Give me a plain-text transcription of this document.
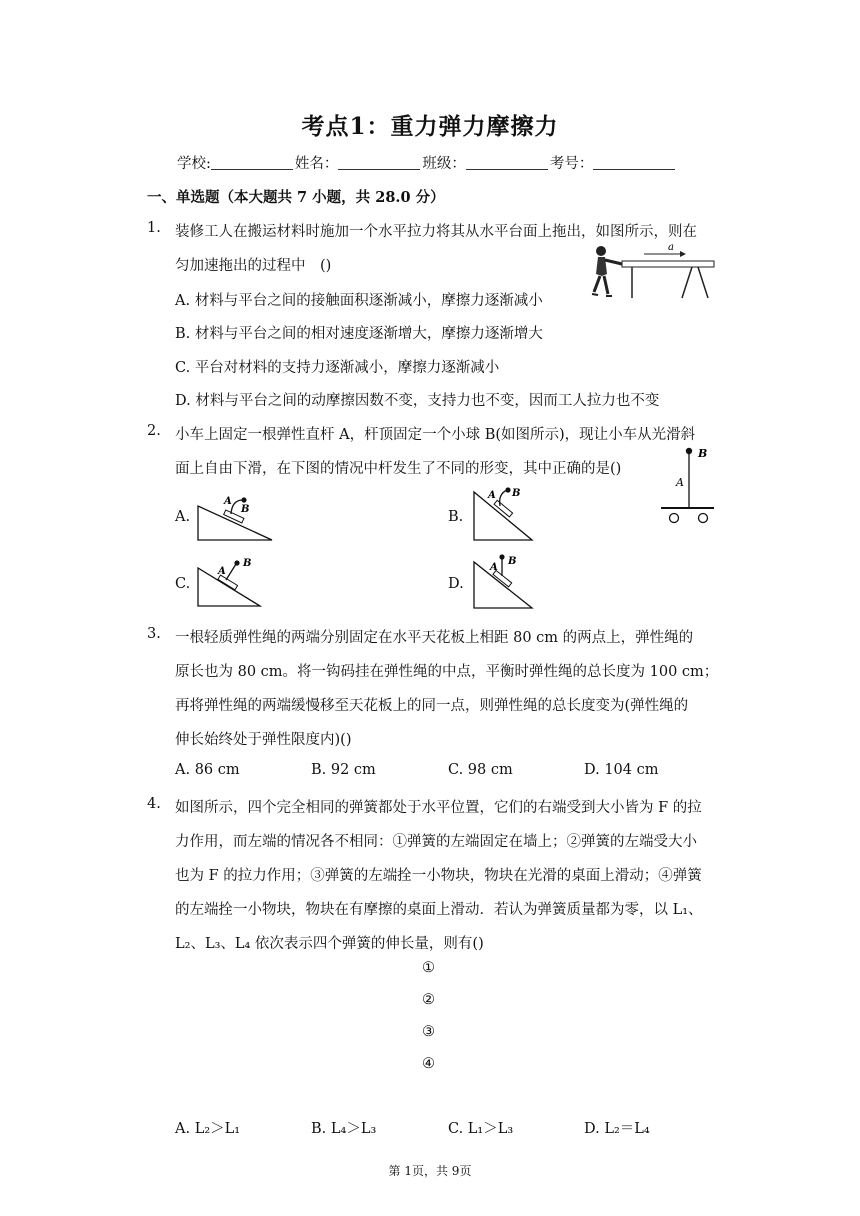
考点1：重力弹力摩擦力
学校:	姓名：	班级：	考号：
一、单选题（本大题共 7 小题，共 28.0 分）
1. 装修工人在搬运材料时施加一个水平拉力将其从水平台面上拖出，如图所示，则在
匀加速拖出的过程中　()
A. 材料与平台之间的接触面积逐渐减小，摩擦力逐渐减小
B. 材料与平台之间的相对速度逐渐增大，摩擦力逐渐增大
C. 平台对材料的支持力逐渐减小，摩擦力逐渐减小
D. 材料与平台之间的动摩擦因数不变，支持力也不变，因而工人拉力也不变
a
2. 小车上固定一根弹性直杆 A，杆顶固定一个小球 B(如图所示)，现让小车从光滑斜
面上自由下滑，在下图的情况中杆发生了不同的形变，其中正确的是()
B
A
A.
A
B	B.
A B
C.
A
B
D.
A
B
3. 一根轻质弹性绳的两端分别固定在水平天花板上相距 80 cm 的两点上，弹性绳的
原长也为 80 cm。将一钩码挂在弹性绳的中点，平衡时弹性绳的总长度为 100 cm；
再将弹性绳的两端缓慢移至天花板上的同一点，则弹性绳的总长度变为(弹性绳的
伸长始终处于弹性限度内)()
A. 86 cm	B. 92 cm	C. 98 cm	D. 104 cm
4. 如图所示，四个完全相同的弹簧都处于水平位置，它们的右端受到大小皆为 F 的拉
力作用，而左端的情况各不相同：①弹簧的左端固定在墙上；②弹簧的左端受大小
也为 F 的拉力作用；③弹簧的左端拴一小物块，物块在光滑的桌面上滑动；④弹簧
的左端拴一小物块，物块在有摩擦的桌面上滑动．若认为弹簧质量都为零，以 L₁、
L₂、L₃、L₄ 依次表示四个弹簧的伸长量，则有()
①
②
③
④
A. L₂＞L₁	B. L₄＞L₃	C. L₁＞L₃	D. L₂＝L₄
第 1页，共 9页
